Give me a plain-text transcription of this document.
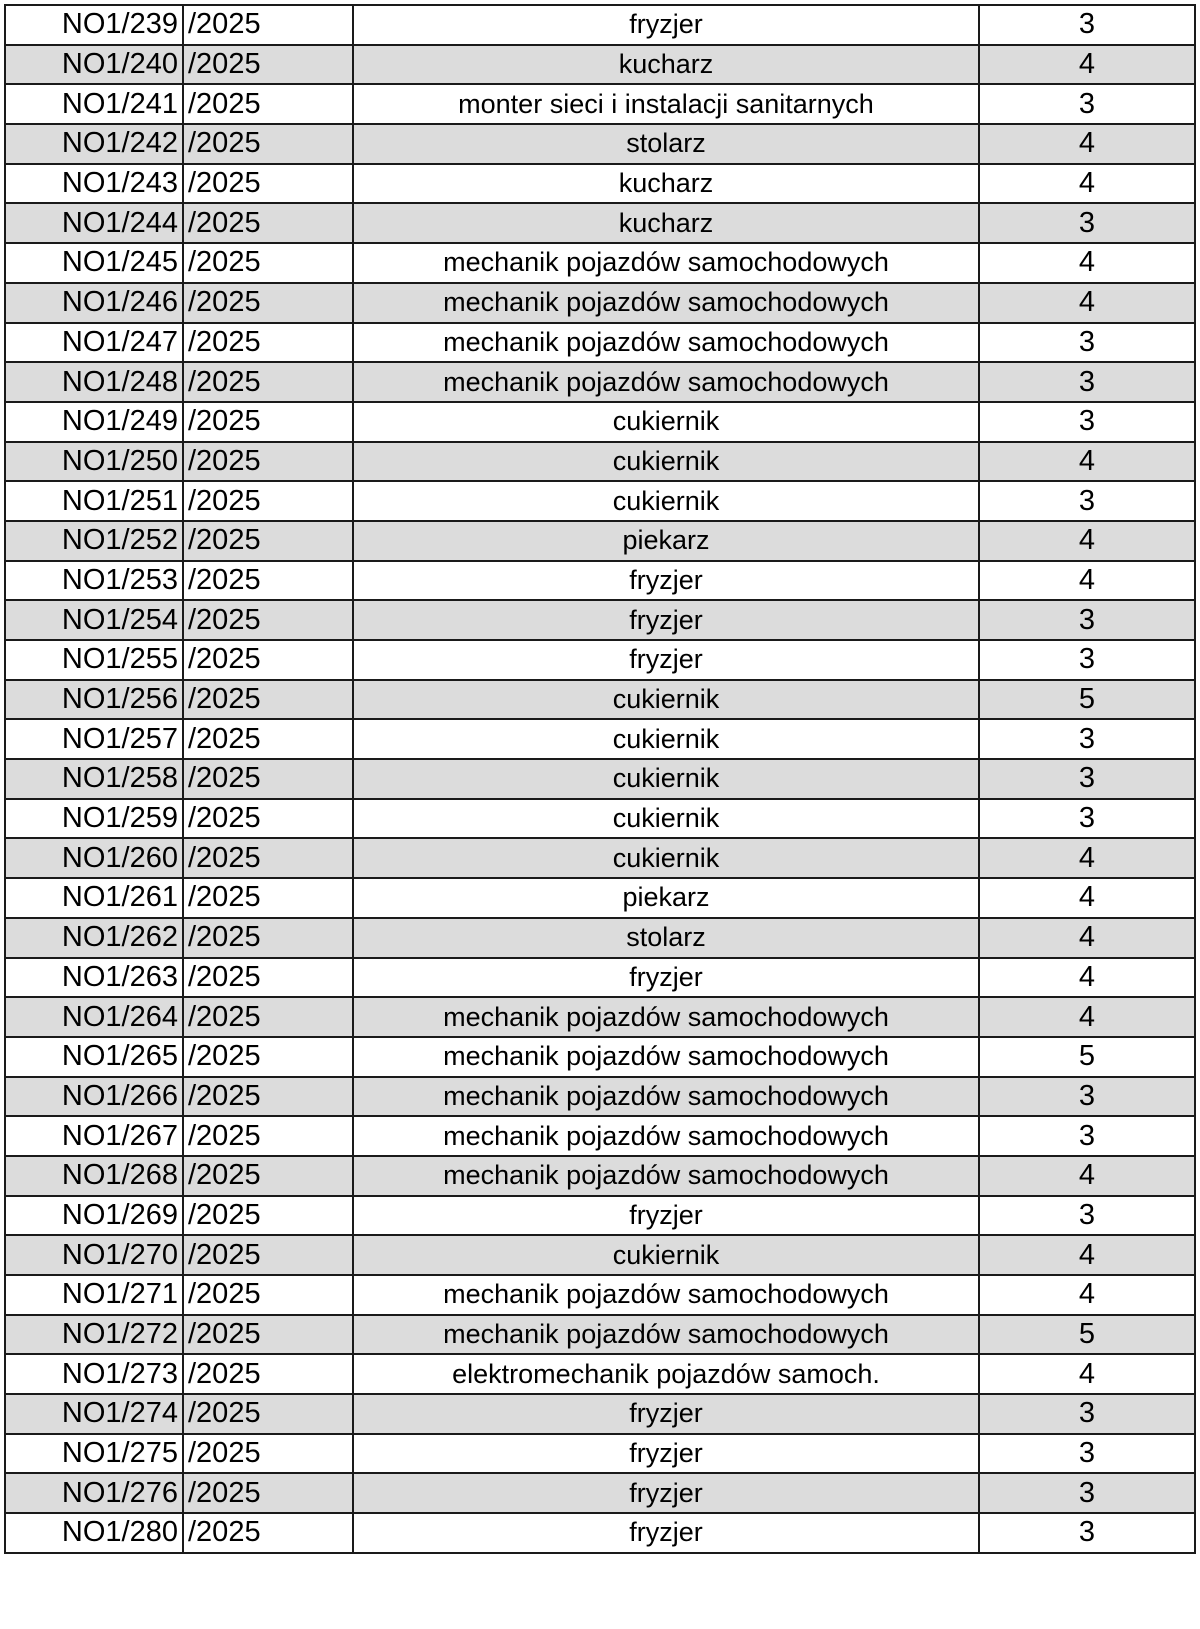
NO1/239	/2025	fryzjer	3
NO1/240	/2025	kucharz	4
NO1/241	/2025	monter sieci i instalacji sanitarnych	3
NO1/242	/2025	stolarz	4
NO1/243	/2025	kucharz	4
NO1/244	/2025	kucharz	3
NO1/245	/2025	mechanik pojazdów samochodowych	4
NO1/246	/2025	mechanik pojazdów samochodowych	4
NO1/247	/2025	mechanik pojazdów samochodowych	3
NO1/248	/2025	mechanik pojazdów samochodowych	3
NO1/249	/2025	cukiernik	3
NO1/250	/2025	cukiernik	4
NO1/251	/2025	cukiernik	3
NO1/252	/2025	piekarz	4
NO1/253	/2025	fryzjer	4
NO1/254	/2025	fryzjer	3
NO1/255	/2025	fryzjer	3
NO1/256	/2025	cukiernik	5
NO1/257	/2025	cukiernik	3
NO1/258	/2025	cukiernik	3
NO1/259	/2025	cukiernik	3
NO1/260	/2025	cukiernik	4
NO1/261	/2025	piekarz	4
NO1/262	/2025	stolarz	4
NO1/263	/2025	fryzjer	4
NO1/264	/2025	mechanik pojazdów samochodowych	4
NO1/265	/2025	mechanik pojazdów samochodowych	5
NO1/266	/2025	mechanik pojazdów samochodowych	3
NO1/267	/2025	mechanik pojazdów samochodowych	3
NO1/268	/2025	mechanik pojazdów samochodowych	4
NO1/269	/2025	fryzjer	3
NO1/270	/2025	cukiernik	4
NO1/271	/2025	mechanik pojazdów samochodowych	4
NO1/272	/2025	mechanik pojazdów samochodowych	5
NO1/273	/2025	elektromechanik pojazdów samoch.	4
NO1/274	/2025	fryzjer	3
NO1/275	/2025	fryzjer	3
NO1/276	/2025	fryzjer	3
NO1/280	/2025	fryzjer	3
